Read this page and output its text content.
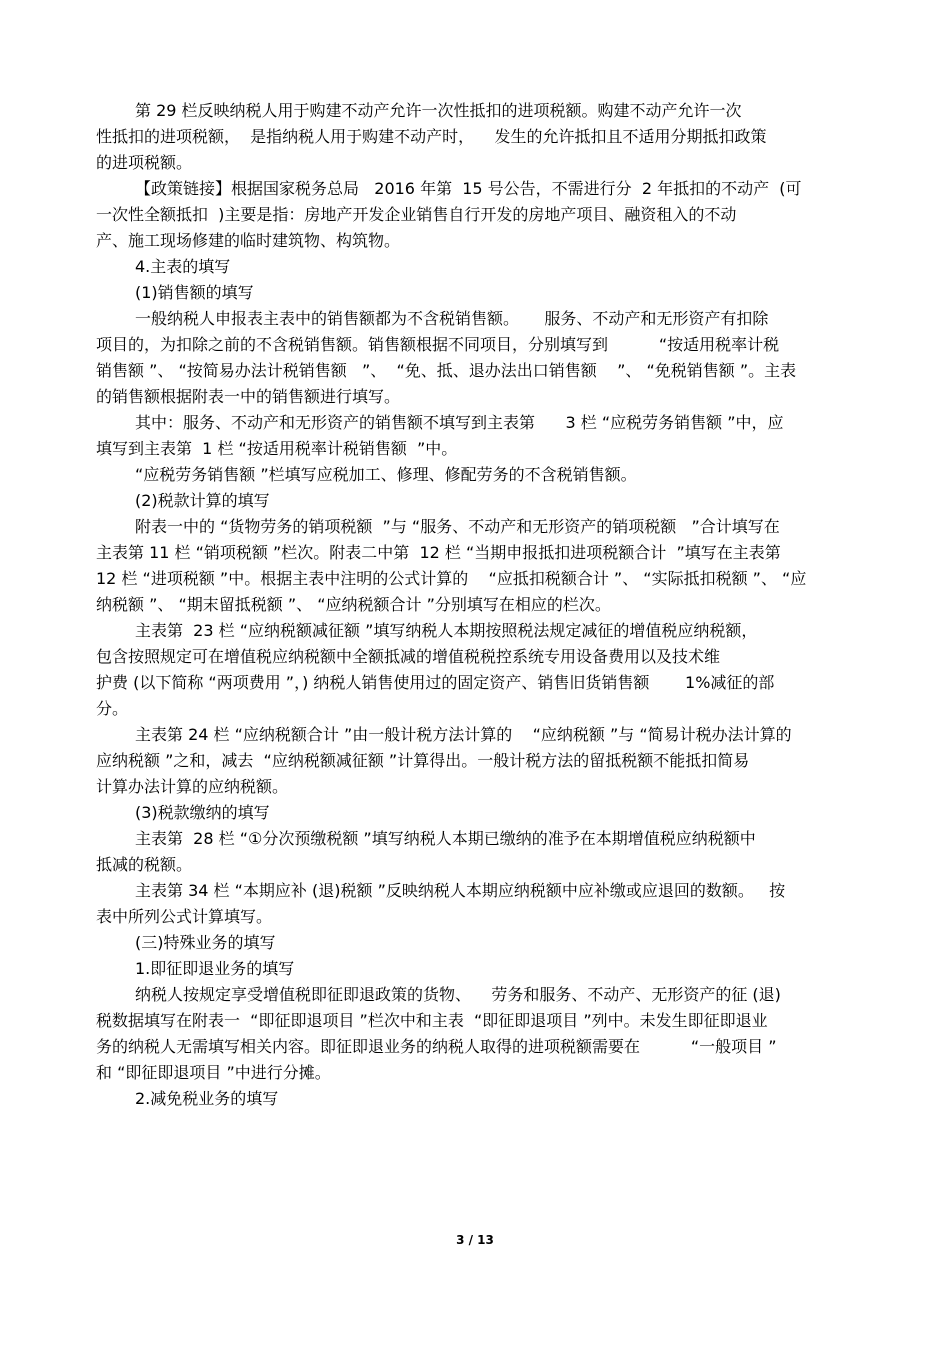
第 29 栏反映纳税人用于购建不动产允许一次性抵扣的进项税额。购建不动产允许一次
性抵扣的进项税额，  是指纳税人用于购建不动产时，    发生的允许抵扣且不适用分期抵扣政策
的进项税额。
【政策链接】根据国家税务总局   2016 年第  15 号公告，不需进行分  2 年抵扣的不动产  (可
一次性全额抵扣  )主要是指：房地产开发企业销售自行开发的房地产项目、融资租入的不动
产、施工现场修建的临时建筑物、构筑物。
4.主表的填写
(1)销售额的填写
一般纳税人申报表主表中的销售额都为不含税销售额。     服务、不动产和无形资产有扣除
项目的，为扣除之前的不含税销售额。销售额根据不同项目，分别填写到          “按适用税率计税
销售额 ”、 “按简易办法计税销售额   ”、  “免、抵、退办法出口销售额    ”、 “免税销售额 ”。主表
的销售额根据附表一中的销售额进行填写。
其中：服务、不动产和无形资产的销售额不填写到主表第      3 栏 “应税劳务销售额 ”中，应
填写到主表第  1 栏 “按适用税率计税销售额  ”中。
“应税劳务销售额 ”栏填写应税加工、修理、修配劳务的不含税销售额。
(2)税款计算的填写
附表一中的 “货物劳务的销项税额  ”与 “服务、不动产和无形资产的销项税额   ”合计填写在
主表第 11 栏 “销项税额 ”栏次。附表二中第  12 栏 “当期申报抵扣进项税额合计  ”填写在主表第
12 栏 “进项税额 ”中。根据主表中注明的公式计算的    “应抵扣税额合计 ”、 “实际抵扣税额 ”、 “应
纳税额 ”、 “期末留抵税额 ”、 “应纳税额合计 ”分别填写在相应的栏次。
主表第  23 栏 “应纳税额减征额 ”填写纳税人本期按照税法规定减征的增值税应纳税额，
包含按照规定可在增值税应纳税额中全额抵减的增值税税控系统专用设备费用以及技术维
护费 (以下简称 “两项费用 ”，) 纳税人销售使用过的固定资产、销售旧货销售额       1%减征的部
分。
主表第 24 栏 “应纳税额合计 ”由一般计税方法计算的    “应纳税额 ”与 “简易计税办法计算的
应纳税额 ”之和，减去  “应纳税额减征额 ”计算得出。一般计税方法的留抵税额不能抵扣简易
计算办法计算的应纳税额。
(3)税款缴纳的填写
主表第  28 栏 “①分次预缴税额 ”填写纳税人本期已缴纳的准予在本期增值税应纳税额中
抵减的税额。
主表第 34 栏 “本期应补 (退)税额 ”反映纳税人本期应纳税额中应补缴或应退回的数额。   按
表中所列公式计算填写。
(三)特殊业务的填写
1.即征即退业务的填写
纳税人按规定享受增值税即征即退政策的货物、    劳务和服务、不动产、无形资产的征 (退)
税数据填写在附表一  “即征即退项目 ”栏次中和主表  “即征即退项目 ”列中。未发生即征即退业
务的纳税人无需填写相关内容。即征即退业务的纳税人取得的进项税额需要在          “一般项目 ”
和 “即征即退项目 ”中进行分摊。
2.减免税业务的填写
3 / 13
